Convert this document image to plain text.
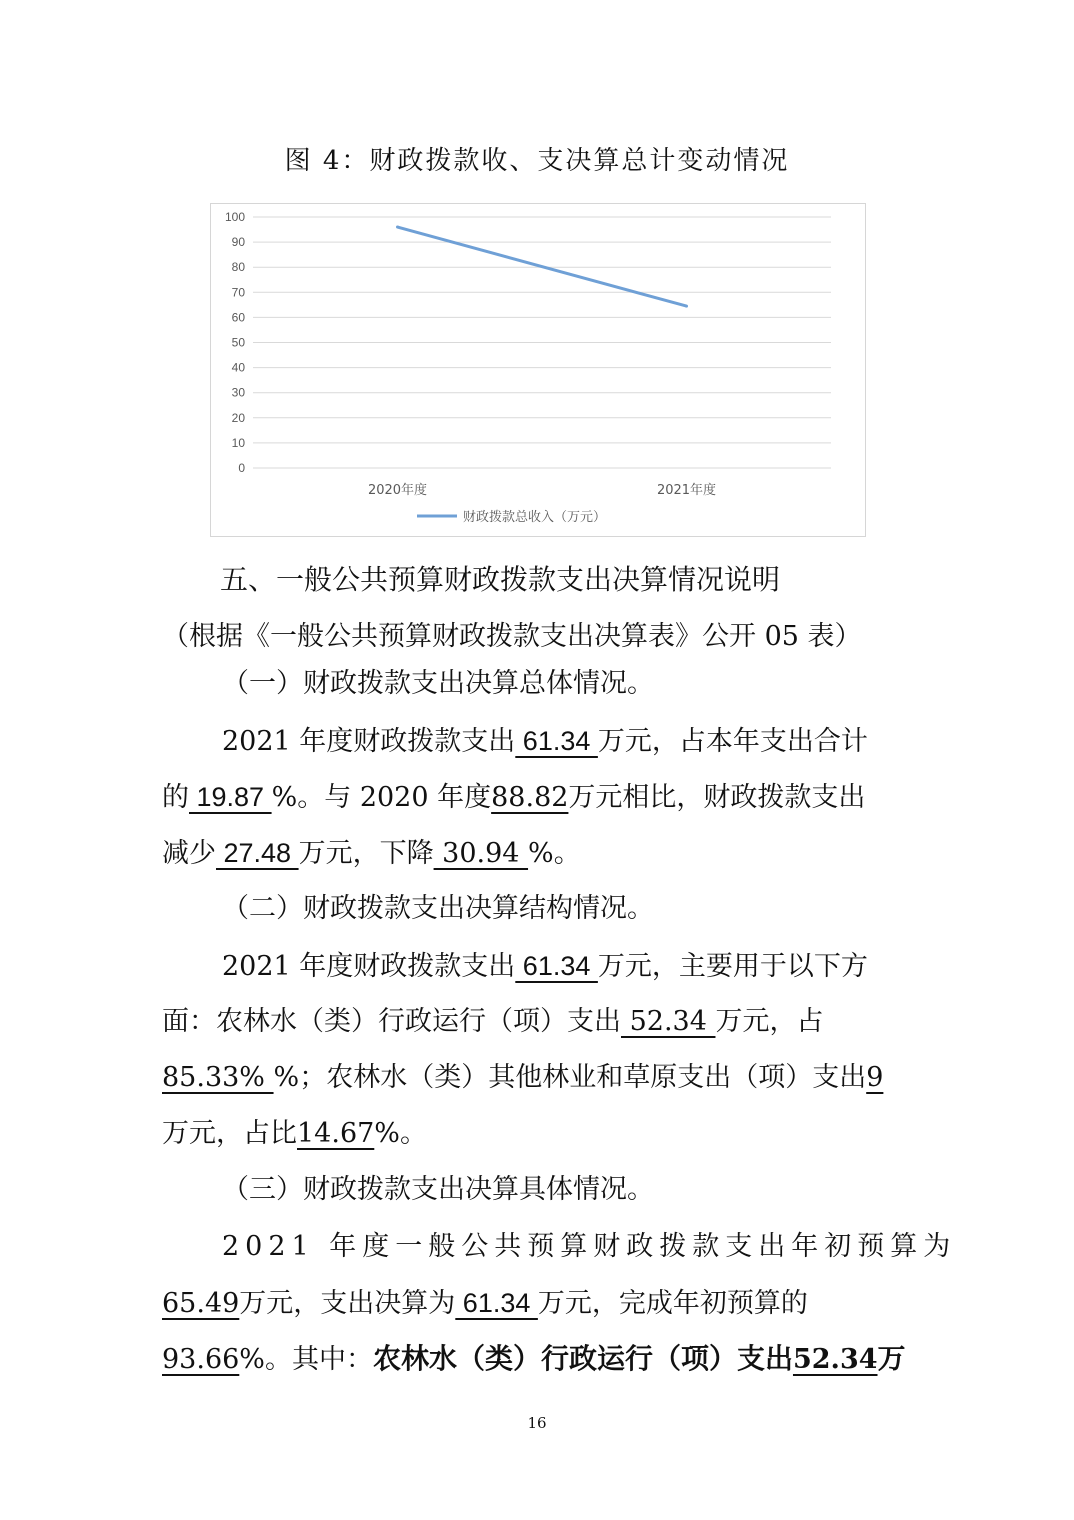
图 4：财政拨款收、支决算总计变动情况
0
10
20
30
40
50
60
70
80
90
100
2020年度	2021年度
财政拨款总收入（万元）
五、一般公共预算财政拨款支出决算情况说明
（根据《一般公共预算财政拨款支出决算表》公开 05 表）
（一）财政拨款支出决算总体情况。
2021 年度财政拨款支出 61.34 万元，占本年支出合计
的 19.87 %。与 2020 年度88.82万元相比，财政拨款支出
减少 27.48 万元，下降 30.94 %。
（二）财政拨款支出决算结构情况。
2021 年度财政拨款支出 61.34 万元，主要用于以下方
面：农林水（类）行政运行（项）支出 52.34 万元，占
85.33% %；农林水（类）其他林业和草原支出（项）支出9
万元，占比14.67%。
（三）财政拨款支出决算具体情况。
2021 年度一般公共预算财政拨款支出年初预算为
65.49万元，支出决算为 61.34 万元，完成年初预算的
93.66%。其中：农林水（类）行政运行（项）支出52.34万
16
